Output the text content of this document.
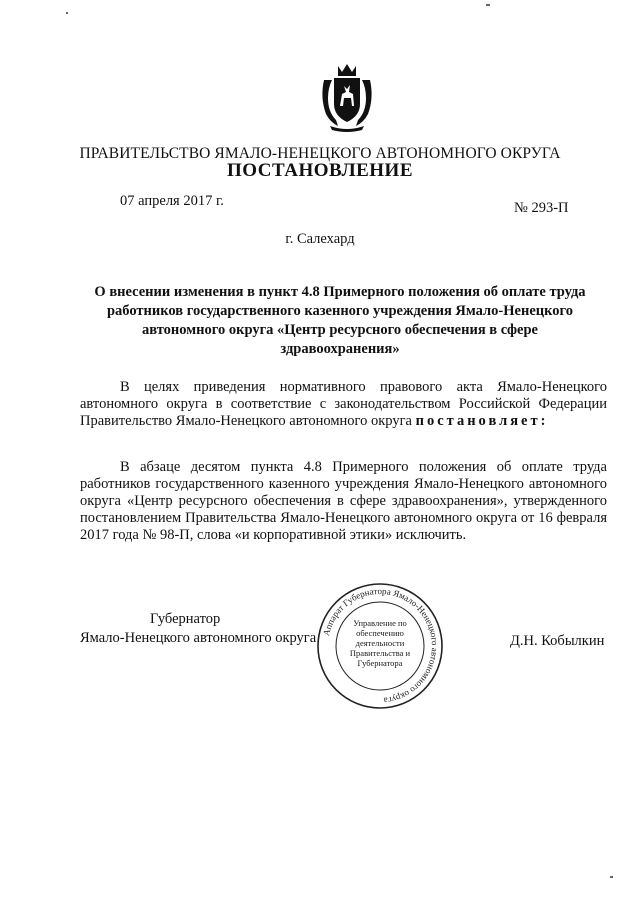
ПРАВИТЕЛЬСТВО ЯМАЛО-НЕНЕЦКОГО АВТОНОМНОГО ОКРУГА
ПОСТАНОВЛЕНИЕ
07 апреля 2017 г.	№ 293-П
г. Салехард
О внесении изменения в пункт 4.8 Примерного положения об оплате труда работников государственного казенного учреждения Ямало-Ненецкого автономного округа «Центр ресурсного обеспечения в сфере здравоохранения»
В целях приведения нормативного правового акта Ямало-Ненецкого автономного округа в соответствие с законодательством Российской Федерации Правительство Ямало-Ненецкого автономного округа постановляет:
В абзаце десятом пункта 4.8 Примерного положения об оплате труда работников государственного казенного учреждения Ямало-Ненецкого автономного округа «Центр ресурсного обеспечения в сфере здравоохранения», утвержденного постановлением Правительства Ямало-Ненецкого автономного округа от 16 февраля 2017 года № 98-П, слова «и корпоративной этики» исключить.
Губернатор
Ямало-Ненецкого автономного округа	Д.Н. Кобылкин
Аппарат Губернатора Ямало-Ненецкого автономного округа
Управление по обеспечению деятельности Правительства и Губернатора
